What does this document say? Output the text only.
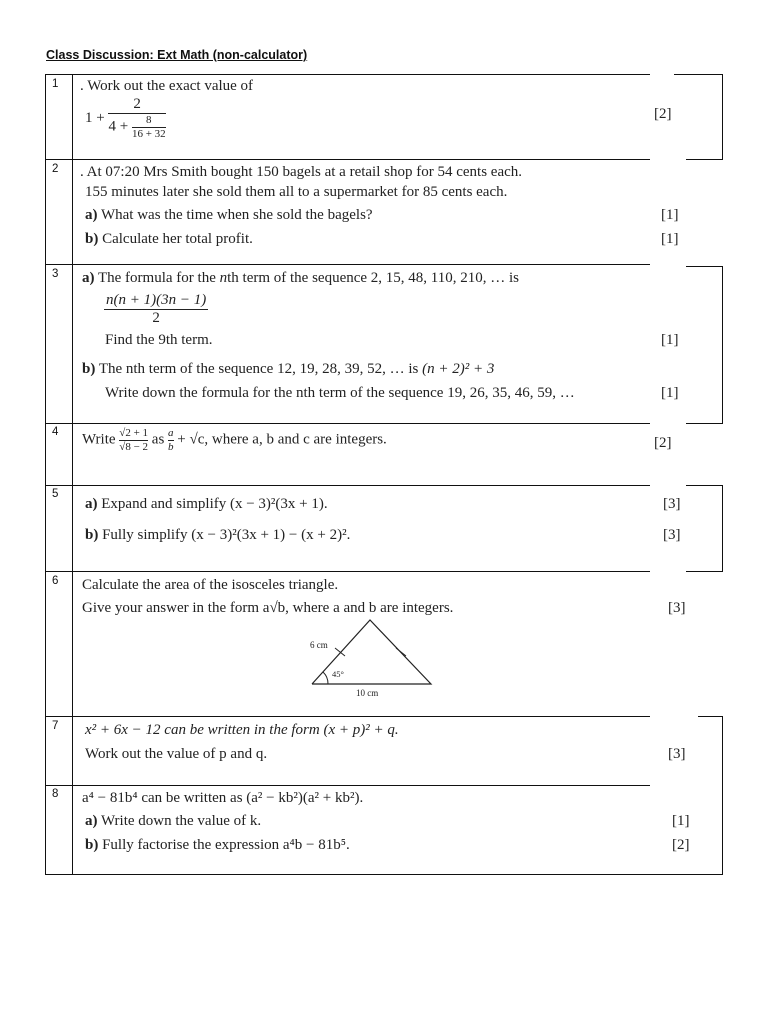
Class Discussion: Ext Math (non-calculator)
1 . Work out the exact value of
$1 + \frac{2}{4 + \frac{8}{16 + 32}}$	[2]
2 . At 07:20 Mrs Smith bought 150 bagels at a retail shop for 54 cents each.
155 minutes later she sold them all to a supermarket for 85 cents each.
a) What was the time when she sold the bagels?	[1]
b) Calculate her total profit.	[1]
3 a) The formula for the nth term of the sequence 2, 15, 48, 110, 210, … is
$\frac{n(n + 1)(3n - 1)}{2}$
Find the 9th term.	[1]
b) The nth term of the sequence 12, 19, 28, 39, 52, … is (n + 2)² + 3
Write down the formula for the nth term of the sequence 19, 26, 35, 46, 59, …	[1]
4 Write $\frac{√2 + 1}{√8 - 2}$ as $\frac{a}{b} + √c$, where a, b and c are integers.	[2]
5
a) Expand and simplify (x − 3)²(3x + 1).	[3]
b) Fully simplify (x − 3)²(3x + 1) − (x + 2)².	[3]
6 Calculate the area of the isosceles triangle.
Give your answer in the form a√b, where a and b are integers.	[3]
6 cm
45°
10 cm
7 x² + 6x − 12 can be written in the form (x + p)² + q.
Work out the value of p and q.	[3]
8 a⁴ − 81b⁴ can be written as (a² − kb²)(a² + kb²).
a) Write down the value of k.	[1]
b) Fully factorise the expression a⁴b − 81b⁵.	[2]
